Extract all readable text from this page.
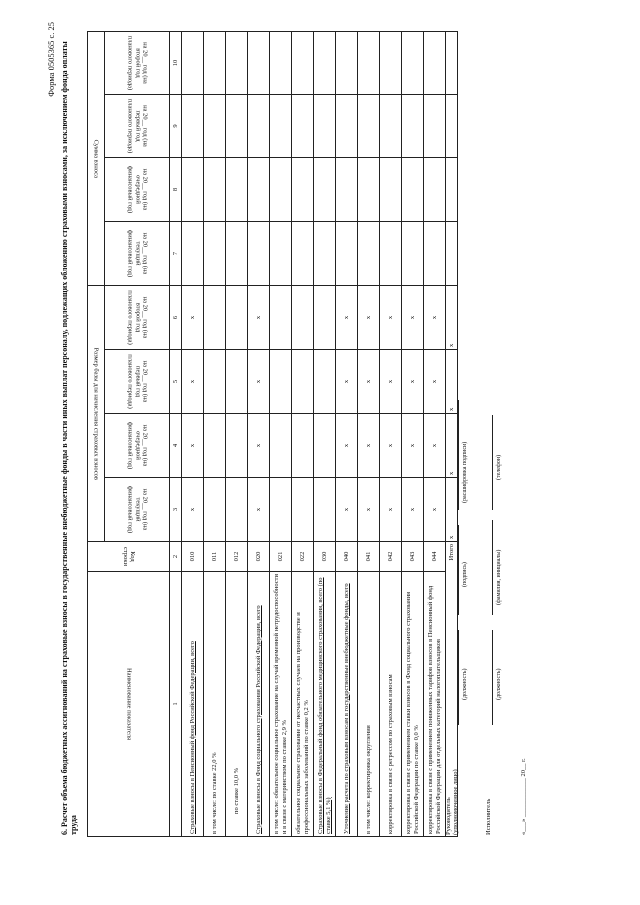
Форма 0505365 с. 25 6. Расчет объема бюджетных ассигнований на страховые взносы в государственные внебюджетные фонды в части иных выплат персоналу, подлежащих обложению страховыми взносами, за исключением фонда оплаты труда
Наименование показателя	Код строки	Размер базы для начисления страховых взносов				Сумма взноса			
		на 20__ год (на текущий финансовый год)	на 20__ год (на очередной финансовый год)	на 20__ год (на первый год планового периода)	на 20__ год (на второй год планового периода)	на 20__ год (на текущий финансовый год)	на 20__ год (на очередной финансовый год)	на 20__ год (на первый год планового периода)	на 20__ год (на второй год планового периода)
1	2	3	4	5	6	7	8	9	10
Страховые взносы в Пенсионный фонд Российской Федерации, всего	010	x	x	x	x				
в том числе: по ставке 22,0 %	011								
по ставке 10,0 %	012								
Страховые взносы в Фонд социального страхования Российской Федерации, всего	020	x	x	x	x				
в том числе: обязательное социальное страхование на случай временной нетрудоспособности и в связи с материнством по ставке 2,9 %	021								
обязательное социальное страхование от несчастных случаев на производстве и профессиональных заболеваний по ставке 0,2 %	022								
Страховые взносы в Федеральный фонд обязательного медицинского страхования, всего (по ставке 5,1 %)	030								
Уточнение расчета по страховым взносам в государственные внебюджетные фонды, всего	040	x	x	x	x				
в том числе: корректировка округления	041	x	x	x	x				
корректировка в связи с регрессом по страховым взносам	042	x	x	x	x				
корректировка в связи с применением ставки взносов в Фонд социального страхования Российской Федерации по ставке 0,0 %	043	x	x	x	x				
корректировка в связи с применением пониженных тарифов взносов в Пенсионный фонд Российской Федерации для отдельных категорий налогоплательщиков	044	x	x	x	x				
Итого		x	x	x	x				
Руководитель (уполномоченное лицо)
(должность)
(подпись)
(расшифровка подписи)
Исполнитель
(должность)
(фамилия, инициалы)
(телефон)
«___» ____________ 20__ г.
